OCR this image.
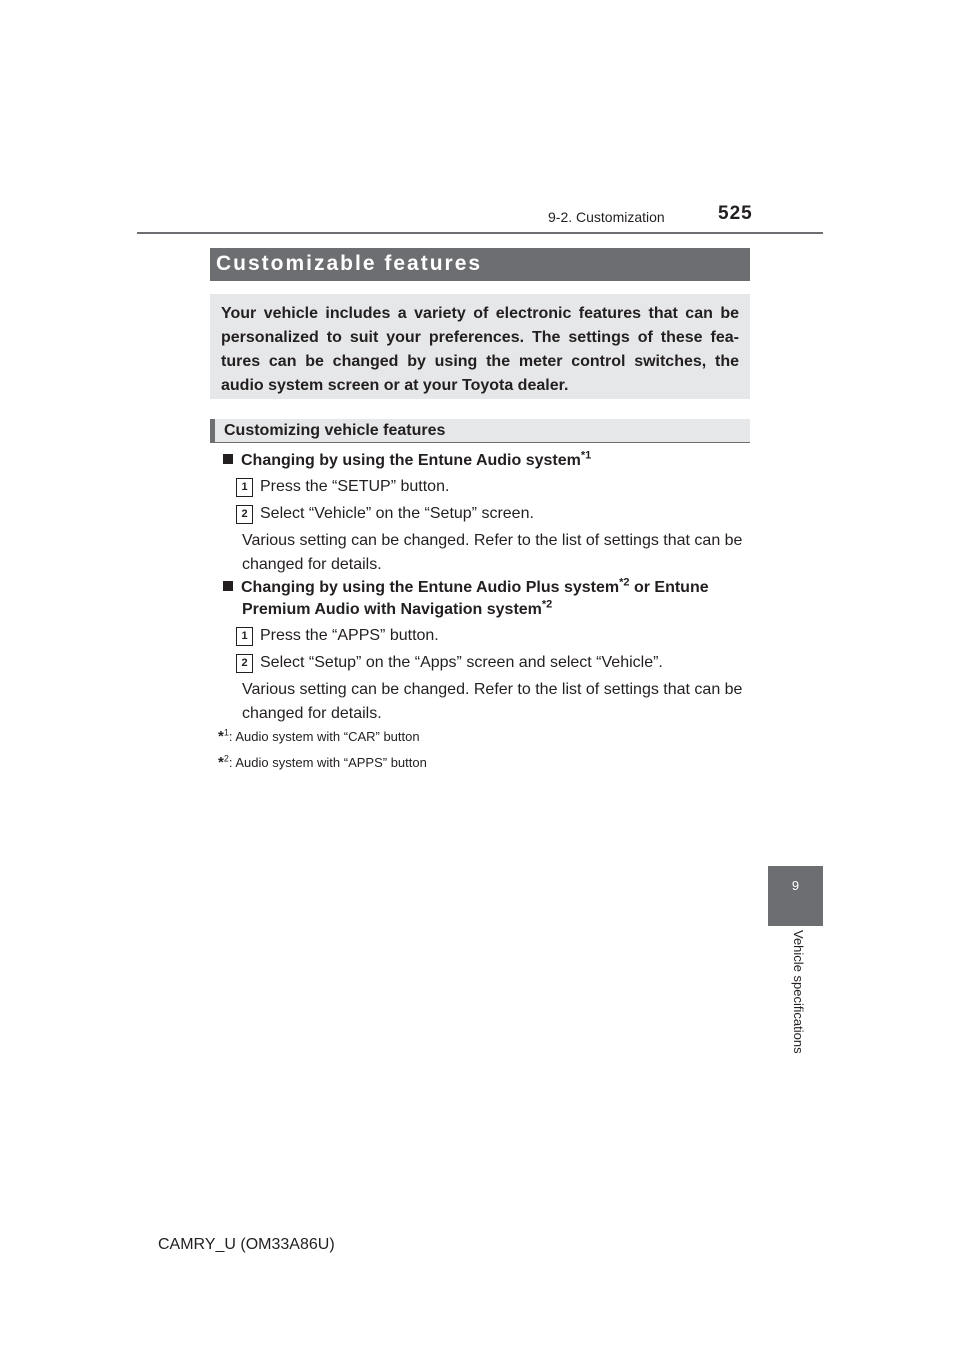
9-2. Customization	525
Customizable features

Your vehicle includes a variety of electronic features that can be personalized to suit your preferences. The settings of these fea-tures can be changed by using the meter control switches, the audio system screen or at your Toyota dealer.

Customizing vehicle features
Changing by using the Entune Audio system$^{*1}$
1 Press the “SETUP” button.
2 Select “Vehicle” on the “Setup” screen.
Various setting can be changed. Refer to the list of settings that can be changed for details.
Changing by using the Entune Audio Plus system$^{*2}$ or Entune
Premium Audio with Navigation system$^{*2}$
1 Press the “APPS” button.
2 Select “Setup” on the “Apps” screen and select “Vehicle”.
Various setting can be changed. Refer to the list of settings that can be changed for details.
*$^1$: Audio system with “CAR” button
*$^2$: Audio system with “APPS” button
9
Vehicle specifications
CAMRY_U (OM33A86U)
